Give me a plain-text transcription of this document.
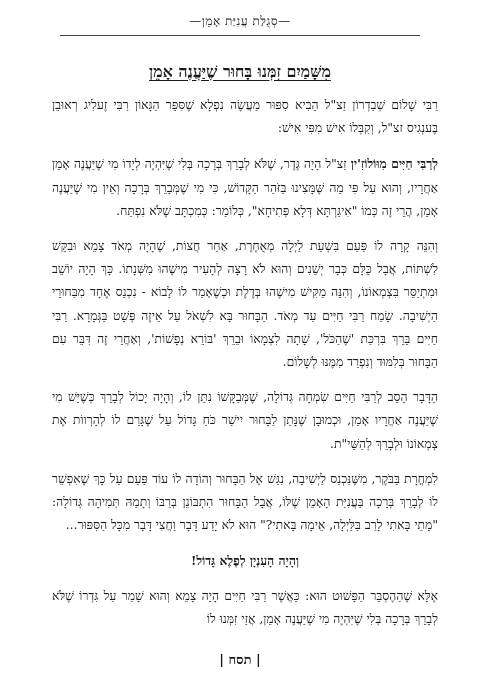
—סְגֻלַּת עֲנִיַּת אָמֵן—
מִשָּׁמַיִם זִמְּנוּ בָּחוּר שֶׁיַּעֲנֶה אָמֵן

רַבִּי שָׁלוֹם שְׁבַדְרוֹן זַצ"ל הֵבִיא סִפּוּר מַעֲשֶׂה נִפְלָא שֶׁסִּפֵּר הַגָּאוֹן רַבִּי זֶעלִיג רְאוּבֵן בֶּענְגִיס זצ"ל, וְקִבְּלוֹ אִישׁ מִפִּי אִישׁ:

לְרַבִּי חַיִּים מִוּוֹלוֹזִ'ין זַצ"ל הָיָה גֶּדֶר, שֶׁלֹּא לְבָרֵךְ בְּרָכָה בְּלִי שֶׁיִּהְיֶה לְיָדוֹ מִי שֶׁיַּעֲנֶה אָמֵן אַחֲרָיו, וְהוּא עַל פִּי מַה שֶּׁמָּצִינוּ בַּזֹּהַר הַקָּדוֹשׁ, כִּי מִי שֶׁמְּבָרֵךְ בְּרָכָה וְאֵין מִי שֶׁיַּעֲנֶה אָמֵן, הֲרֵי זֶה כְּמוֹ "אִיגַּרְתָּא דְּלָא פְּתִיחָא", כְּלוֹמַר: כְּמִכְתָּב שֶׁלֹּא נִפְתַּח.

וְהִנֵּה קָרָה לוֹ פַּעַם בִּשְׁעַת לַיְלָה מְאֻחֶרֶת, אַחַר חֲצוֹת, שֶׁהָיָה מְאֹד צָמֵא וּבִקֵּשׁ לִשְׁתּוֹת, אֲבָל כֻּלָּם כְּבָר יְשֵׁנִים וְהוּא לֹא רָצָה לְהָעִיר מִישֶׁהוּ מִשְּׁנָתוֹ. כָּךְ הָיָה יוֹשֵׁב וּמִתְיַסֵּר בִּצְמְאוֹנוֹ, וְהִנֵּה מַקִּישׁ מִישֶׁהוּ בְּדֶלֶת וּכְשֶׁאָמַר לוֹ לָבוֹא - נִכְנַס אֶחָד מִבַּחוּרֵי הַיְשִׁיבָה. שָׂמַח רַבִּי חַיִּים עַד מְאֹד. הַבָּחוּר בָּא לִשְׁאֹל עַל אֵיזֶה פְּשָׁט בַּגְּמָרָא. רַבִּי חַיִּים בֵּרֵךְ בִּרְכַּת 'שֶׁהַכֹּל', שָׁתָה לִצְמָאוֹ וּבֵרֵךְ 'בּוֹרֵא נְפָשׁוֹת', וְאַחֲרֵי זֶה דִּבֵּר עִם הַבָּחוּר בְּלִמּוּד וְנִפְרַד מִמֶּנּוּ לְשָׁלוֹם.

הַדָּבָר הֵסֵב לְרַבִּי חַיִּים שִׂמְחָה גְּדוֹלָה, שֶׁמְּבַקָּשׁוֹ נִתַּן לוֹ, וְהָיָה יָכוֹל לְבָרֵךְ כְּשֶׁיֵּשׁ מִי שֶׁיַּעֲנֶה אַחֲרָיו אָמֵן, וּכְמוּבָן שֶׁנָּתַן לַבָּחוּר יִישַׁר כֹּחַ גָּדוֹל עַל שֶׁגָּרַם לוֹ לְהָרְווֹת אֶת צְמְאוֹנוֹ וּלְבָרֵךְ לְהַשֵּׁי"ת.

לִמְחֳרָת בַּבֹּקֶר, מִשֶּׁנִּכְנַס לַיְשִׁיבָה, נִגַּשׁ אֶל הַבָּחוּר וְהוֹדָה לוֹ עוֹד פַּעַם עַל כָּךְ שֶׁאִפְשֵׁר לוֹ לְבָרֵךְ בְּרָכָה בַּעֲנִיַּת הָאָמֵן שֶׁלּוֹ, אֲבָל הַבָּחוּר הִתְבּוֹנֵן בְּרַבּוֹ וְתָמַהּ תְּמִיהָה גְּדוֹלָה: "מָתַי בָּאתִי לָרַב בַּלַּיְלָה, אֵימָה בָּאתִי?" הוּא לֹא יָדַע דָּבָר וַחֲצִי דָּבָר מִכָּל הַסִּפּוּר...

וְהָיָה הָעִנְיָן לְפֶלֶא גָּדוֹל!

אֶלָּא שֶׁהַהֶסְבֵּר הַפָּשׁוּט הוּא: כַּאֲשֶׁר רַבִּי חַיִּים הָיָה צָמֵא וְהוּא שָׁמַר עַל גִּדְרוֹ שֶׁלֹּא לְבָרֵךְ בְּרָכָה בְּלִי שֶׁיִּהְיֶה מִי שֶׁיַּעֲנֶה אָמֵן, אֲזַי זִמְּנוּ לוֹ

| תסח |
